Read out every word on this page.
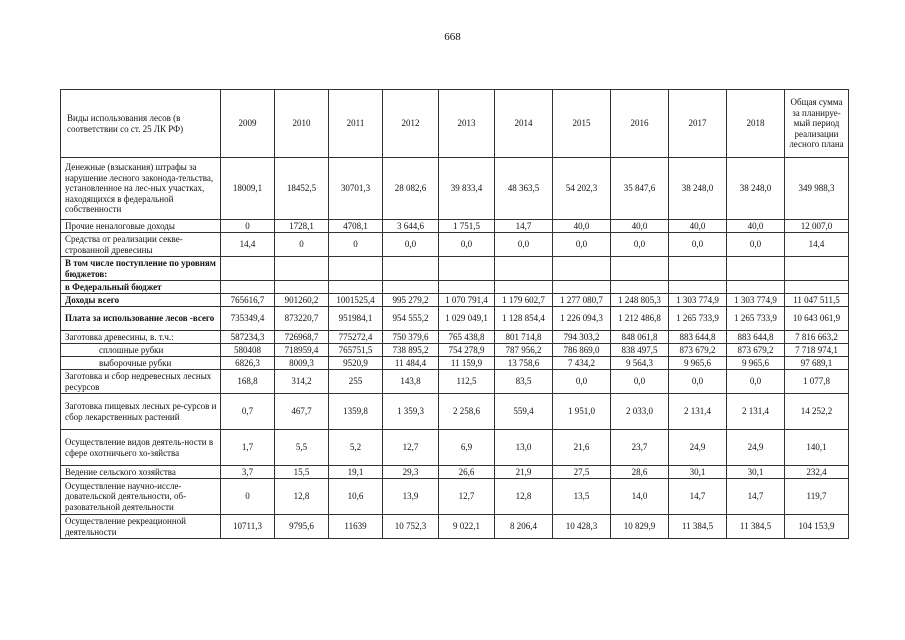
668
Виды использования лесов (в соответствии со ст. 25 ЛК РФ)	2009	2010	2011	2012	2013	2014	2015	2016	2017	2018	Общая сумма за планируе-мый период реализации лесного плана
Денежные (взыскания) штрафы за нарушение лесного законода-тельства, установленное на лес-ных участках, находящихся в федеральной собственности	18009,1	18452,5	30701,3	28 082,6	39 833,4	48 363,5	54 202,3	35 847,6	38 248,0	38 248,0	349 988,3
Прочие неналоговые доходы	0	1728,1	4708,1	3 644,6	1 751,5	14,7	40,0	40,0	40,0	40,0	12 007,0
Средства от реализации секве-строванной древесины	14,4	0	0	0,0	0,0	0,0	0,0	0,0	0,0	0,0	14,4
В том числе поступление по уровням бюджетов:											
в Федеральный бюджет											
Доходы всего	765616,7	901260,2	1001525,4	995 279,2	1 070 791,4	1 179 602,7	1 277 080,7	1 248 805,3	1 303 774,9	1 303 774,9	11 047 511,5
Плата за использование лесов -всего	735349,4	873220,7	951984,1	954 555,2	1 029 049,1	1 128 854,4	1 226 094,3	1 212 486,8	1 265 733,9	1 265 733,9	10 643 061,9
Заготовка древесины, в. т.ч.:	587234,3	726968,7	775272,4	750 379,6	765 438,8	801 714,8	794 303,2	848 061,8	883 644,8	883 644,8	7 816 663,2
сплошные рубки	580408	718959,4	765751,5	738 895,2	754 278,9	787 956,2	786 869,0	838 497,5	873 679,2	873 679,2	7 718 974,1
выборочные рубки	6826,3	8009,3	9520,9	11 484,4	11 159,9	13 758,6	7 434,2	9 564,3	9 965,6	9 965,6	97 689,1
Заготовка и сбор недревесных лесных ресурсов	168,8	314,2	255	143,8	112,5	83,5	0,0	0,0	0,0	0,0	1 077,8
Заготовка пищевых лесных ре-сурсов и сбор лекарственных растений	0,7	467,7	1359,8	1 359,3	2 258,6	559,4	1 951,0	2 033,0	2 131,4	2 131,4	14 252,2
Осуществление видов деятель-ности в сфере охотничьего хо-зяйства	1,7	5,5	5,2	12,7	6,9	13,0	21,6	23,7	24,9	24,9	140,1
Ведение сельского хозяйства	3,7	15,5	19,1	29,3	26,6	21,9	27,5	28,6	30,1	30,1	232,4
Осуществление научно-иссле-довательской деятельности, об-разовательной деятельности	0	12,8	10,6	13,9	12,7	12,8	13,5	14,0	14,7	14,7	119,7
Осуществление рекреационной деятельности	10711,3	9795,6	11639	10 752,3	9 022,1	8 206,4	10 428,3	10 829,9	11 384,5	11 384,5	104 153,9
